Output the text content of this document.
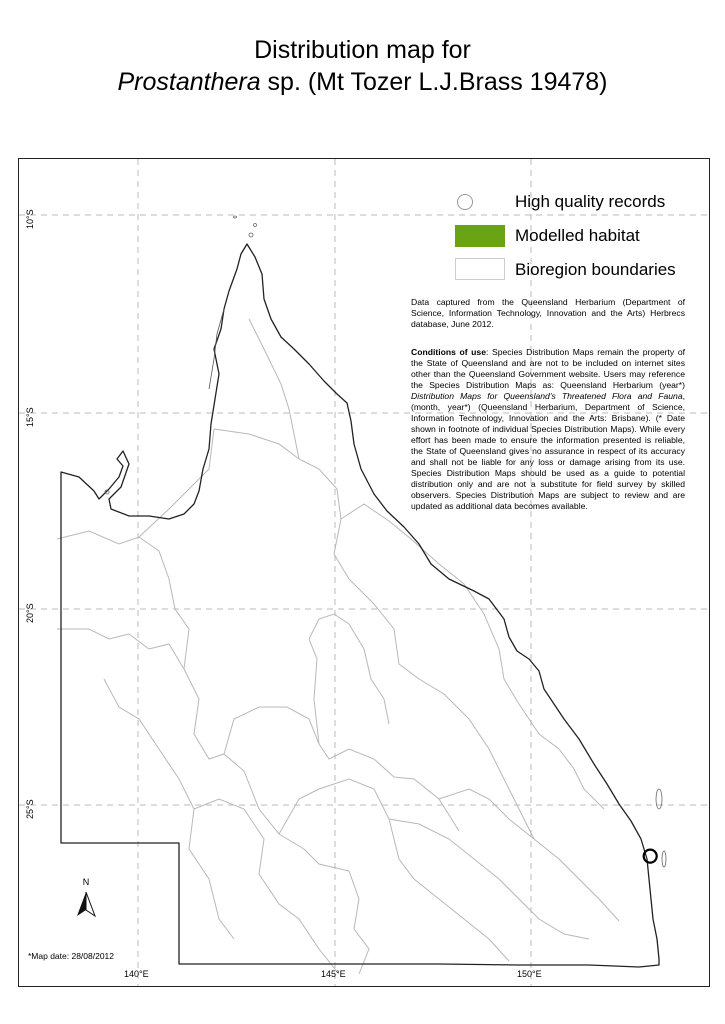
Distribution map for
Prostanthera sp. (Mt Tozer L.J.Brass 19478)
N
High quality records
Modelled habitat
Bioregion boundaries
Data captured from the Queensland Herbarium (Department of Science, Information Technology, Innovation and the Arts) Herbrecs database, June 2012.
Conditions of use: Species Distribution Maps remain the property of the State of Queensland and are not to be included on internet sites other than the Queensland Government website. Users may reference the Species Distribution Maps as: Queensland Herbarium (year*) Distribution Maps for Queensland's Threatened Flora and Fauna, (month, year*) (Queensland Herbarium, Department of Science, Information Technology, Innovation and the Arts: Brisbane). (* Date shown in footnote of individual Species Distribution Maps). While every effort has been made to ensure the information presented is reliable, the State of Queensland gives no assurance in respect of its accuracy and shall not be liable for any loss or damage arising from its use. Species Distribution Maps should be used as a guide to potential distribution only and are not a substitute for field survey by skilled observers. Species Distribution Maps are subject to review and are updated as additional data becomes available.
*Map date: 28/08/2012
10°S
15°S
20°S
25°S
140°E	145°E	150°E
